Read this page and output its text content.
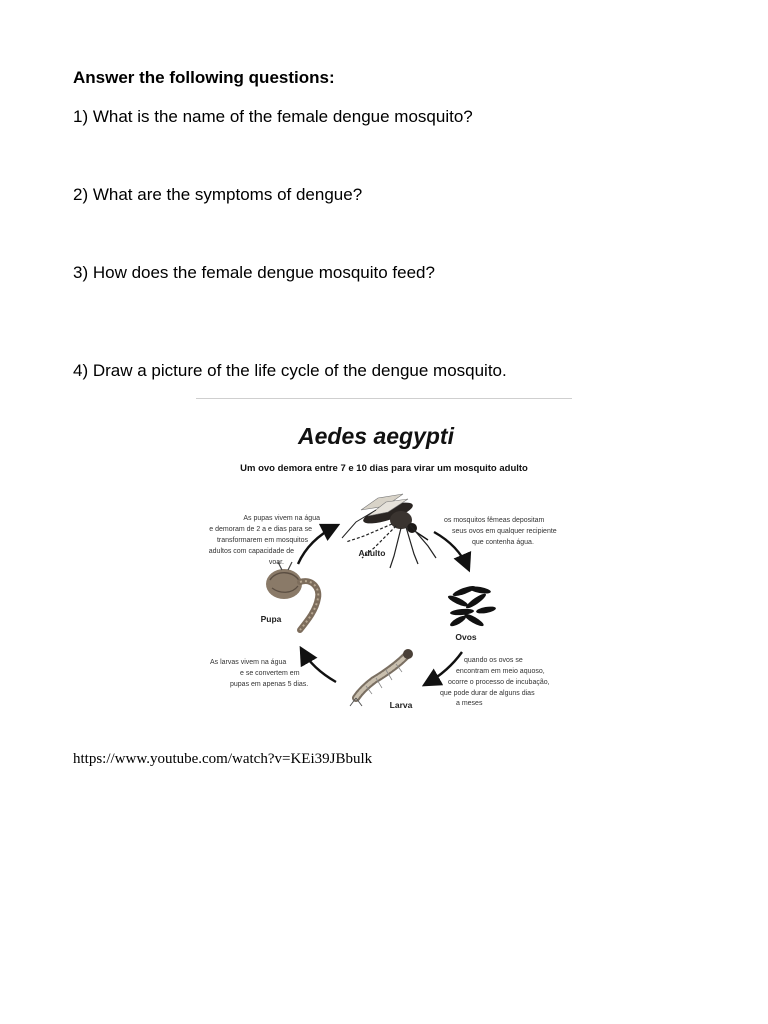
Answer the following questions:

1) What is the name of the female dengue mosquito?

2) What are the symptoms of dengue?

3) How does the female dengue mosquito feed?

4) Draw a picture of the life cycle of the dengue mosquito.

Aedes aegypti
Um ovo demora entre 7 e 10 dias para virar um mosquito adulto
Adulto
Ovos
Larva
Pupa
As pupas vivem na água
e demoram de 2 a e dias para se
transformarem em mosquitos
adultos com capacidade de
voar.
os mosquitos fêmeas depositam
seus ovos em qualquer recipiente
que contenha água.
quando os ovos se
encontram em meio aquoso,
ocorre o processo de incubação,
que pode durar de alguns dias
a meses
As larvas vivem na água
e se convertem em
pupas em apenas 5 dias.
https://www.youtube.com/watch?v=KEi39JBbulk
